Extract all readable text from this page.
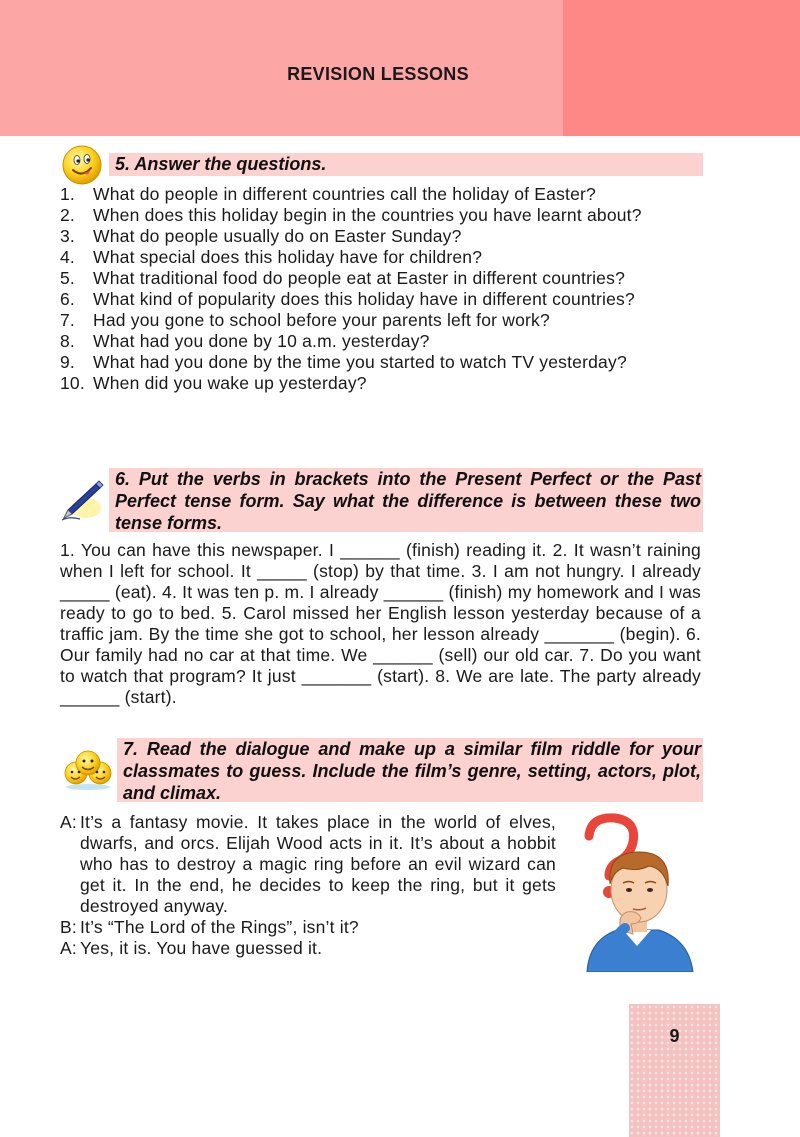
REVISION LESSONS
5. Answer the questions.
1.	What do people in different countries call the holiday of Easter?
2.	When does this holiday begin in the countries you have learnt about?
3.	What do people usually do on Easter Sunday?
4.	What special does this holiday have for children?
5.	What traditional food do people eat at Easter in different countries?
6.	What kind of popularity does this holiday have in different countries?
7.	Had you gone to school before your parents left for work?
8.	What had you done by 10 a.m. yesterday?
9.	What had you done by the time you started to watch TV yesterday?
10. When did you wake up yesterday?
6. Put the verbs in brackets into the Present Perfect or the Past Perfect tense form. Say what the difference is between these two tense forms.

1. You can have this newspaper. I ______ (finish) reading it. 2. It wasn’t raining when I left for school. It _____ (stop) by that time. 3. I am not hungry. I already _____ (eat). 4. It was ten p. m. I already ______ (finish) my homework and I was ready to go to bed. 5. Carol missed her English lesson yesterday because of a traffic jam. By the time she got to school, her lesson already _______ (begin). 6. Our family had no car at that time. We ______ (sell) our old car. 7. Do you want to watch that program? It just _______ (start). 8. We are late. The party already ______ (start).

7. Read the dialogue and make up a similar film riddle for your classmates to guess. Include the film’s genre, setting, actors, plot, and climax.
A: It’s a fantasy movie. It takes place in the world of elves, dwarfs, and orcs. Elijah Wood acts in it. It’s about a hobbit who has to destroy a magic ring before an evil wizard can get it. In the end, he decides to keep the ring, but it gets destroyed anyway.
B: It’s “The Lord of the Rings”, isn’t it?
A: Yes, it is. You have guessed it.
9
